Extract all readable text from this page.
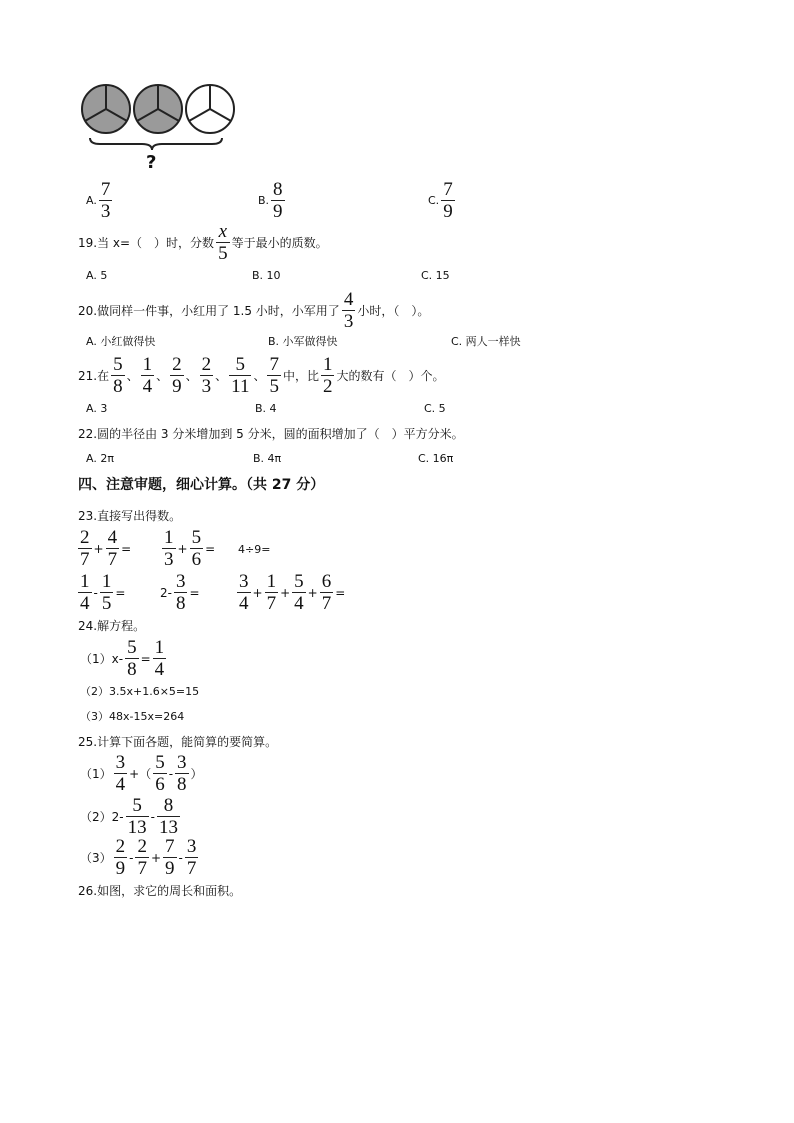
?
A. $\frac{7}{3}$	B. $\frac{8}{9}$	C. $\frac{7}{9}$
19.当 x=（　）时，分数 $\frac{x}{5}$ 等于最小的质数。
A. 5	B. 10	C. 15
20.做同样一件事，小红用了 1.5 小时，小军用了 $\frac{4}{3}$ 小时，（　）。
A. 小红做得快	B. 小军做得快	C. 两人一样快
21.在 $\frac{5}{8}$ 、 $\frac{1}{4}$ 、 $\frac{2}{9}$ 、 $\frac{2}{3}$ 、 $\frac{5}{11}$ 、 $\frac{7}{5}$ 中，比 $\frac{1}{2}$ 大的数有（　）个。
A. 3	B. 4	C. 5
22.圆的半径由 3 分米增加到 5 分米，圆的面积增加了（　）平方分米。
A. 2π	B. 4π	C. 16π
四、注意审题，细心计算。（共 27 分）
23.直接写出得数。
$\frac{2}{7} + \frac{4}{7} = \frac{1}{3} + \frac{5}{6} = 4\div 9=$
$\frac{1}{4} - \frac{1}{5}$ =	$2- \frac{3}{8} = \frac{3}{4} + \frac{1}{7} + \frac{5}{4} + \frac{6}{7}$ =
24.解方程。
$(1)x- \frac{5}{8} = \frac{1}{4}$
（2）3.5x+1.6×5=15
（3）48x-15x=264
25.计算下面各题，能简算的要简算。
$(1) \frac{3}{4}$ +（ $\frac{5}{6} - \frac{3}{8}$ ）
$(2)2- \frac{5}{13} - \frac{8}{13}$
$(3) \frac{2}{9} - \frac{2}{7} + \frac{7}{9} - \frac{3}{7}$
26.如图，求它的周长和面积。
